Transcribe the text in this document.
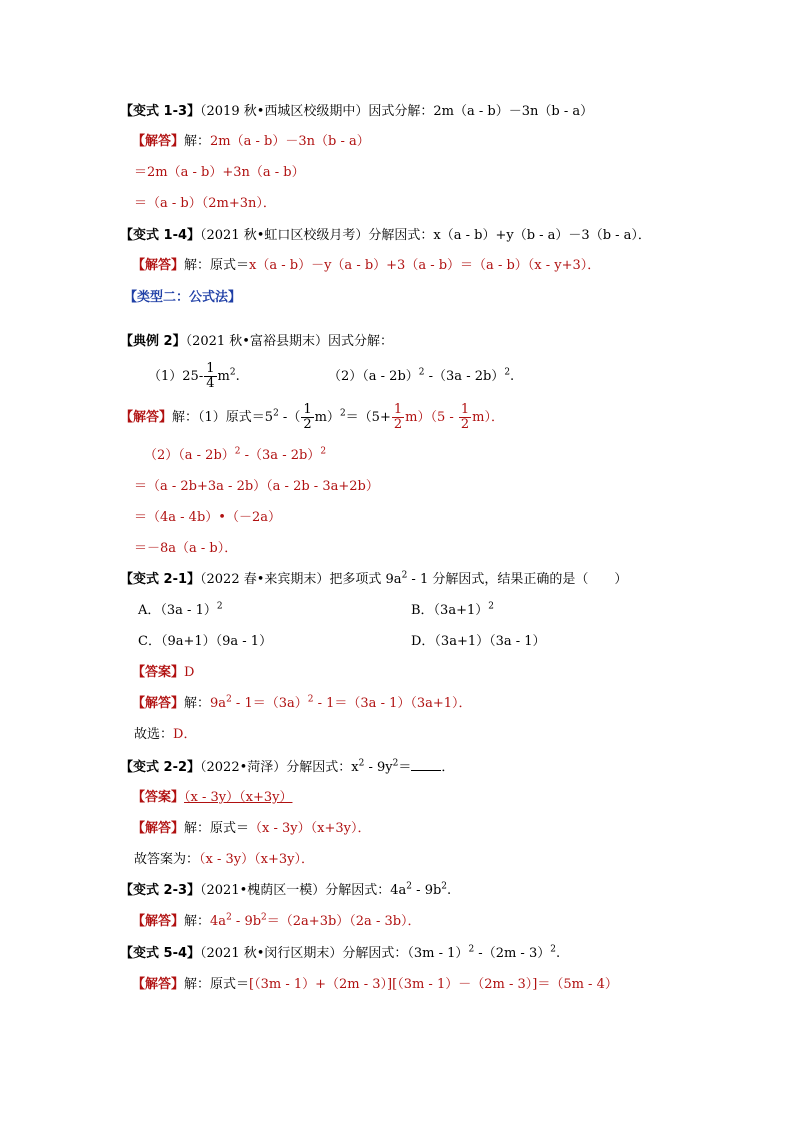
【变式 1-3】（2019 秋•西城区校级期中）因式分解：2m（a - b）－3n（b - a）
【解答】解：2m（a - b）－3n（b - a）
＝2m（a - b）+3n（a - b）
＝（a - b）（2m+3n）．
【变式 1-4】（2021 秋•虹口区校级月考）分解因式：x（a - b）+y（b - a）－3（b - a）．
【解答】解：原式＝x（a - b）－y（a - b）+3（a - b）＝（a - b）（x - y+3）．
【类型二：公式法】
【典例 2】（2021 秋•富裕县期末）因式分解：
$(1)25- \frac{1}{4} m^2$.	（2）（a - 2b）$^2$ -（3a - 2b）$^2$.
【解答】解：（1）原式$=5^2$ -（ $\frac{1}{2} m)^2=(5+ \frac{1}{2} m)(5 - \frac{1}{2} m)$．
（2）（a - 2b）$^2$ -（3a - 2b）$^2$
＝（a - 2b+3a - 2b）（a - 2b - 3a+2b）
＝（4a - 4b）•（－2a）
＝－8a（a - b）．
【变式 2-1】（2022 春•来宾期末）把多项式 $9a^2 - 1$ 分解因式，结果正确的是（　　）
A．（3a - 1）$^2$	B．$(3a+1)^2$
C．（9a+1）（9a - 1）	D．（3a+1）（3a - 1）
【答案】D
【解答】解：$9a^2 - 1=(3a)^2 - 1=(3a - 1)(3a+1)$．
故选：D．
【变式 2-2】（2022•菏泽）分解因式：$x^2 - 9y^2=$ ．
【答案】（x - 3y）（x+3y）
【解答】解：原式＝（x - 3y）（x+3y）．
故答案为：（x - 3y）（x+3y）．
【变式 2-3】（2021•槐荫区一模）分解因式：$4a^2 - 9b^2$.
【解答】解：$4a^2 - 9b^2=(2a+3b)(2a - 3b)$．
【变式 5-4】（2021 秋•闵行区期末）分解因式：（3m - 1）$^2$ -（2m - 3）$^2$.
【解答】解：原式＝[（3m - 1）+（2m - 3）][（3m - 1）－（2m - 3）]＝（5m - 4）
